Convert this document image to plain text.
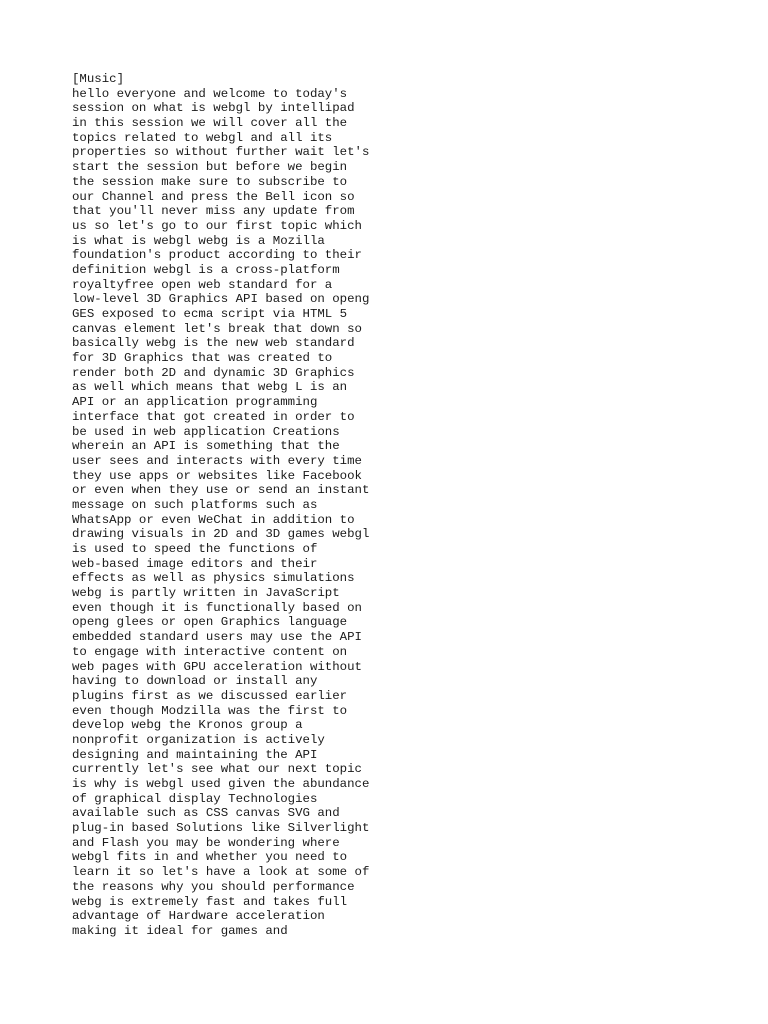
[Music]
hello everyone and welcome to today's
session on what is webgl by intellipad
in this session we will cover all the
topics related to webgl and all its
properties so without further wait let's
start the session but before we begin
the session make sure to subscribe to
our Channel and press the Bell icon so
that you'll never miss any update from
us so let's go to our first topic which
is what is webgl webg is a Mozilla
foundation's product according to their
definition webgl is a cross-platform
royaltyfree open web standard for a
low-level 3D Graphics API based on openg
GES exposed to ecma script via HTML 5
canvas element let's break that down so
basically webg is the new web standard
for 3D Graphics that was created to
render both 2D and dynamic 3D Graphics
as well which means that webg L is an
API or an application programming
interface that got created in order to
be used in web application Creations
wherein an API is something that the
user sees and interacts with every time
they use apps or websites like Facebook
or even when they use or send an instant
message on such platforms such as
WhatsApp or even WeChat in addition to
drawing visuals in 2D and 3D games webgl
is used to speed the functions of
web-based image editors and their
effects as well as physics simulations
webg is partly written in JavaScript
even though it is functionally based on
openg glees or open Graphics language
embedded standard users may use the API
to engage with interactive content on
web pages with GPU acceleration without
having to download or install any
plugins first as we discussed earlier
even though Modzilla was the first to
develop webg the Kronos group a
nonprofit organization is actively
designing and maintaining the API
currently let's see what our next topic
is why is webgl used given the abundance
of graphical display Technologies
available such as CSS canvas SVG and
plug-in based Solutions like Silverlight
and Flash you may be wondering where
webgl fits in and whether you need to
learn it so let's have a look at some of
the reasons why you should performance
webg is extremely fast and takes full
advantage of Hardware acceleration
making it ideal for games and
